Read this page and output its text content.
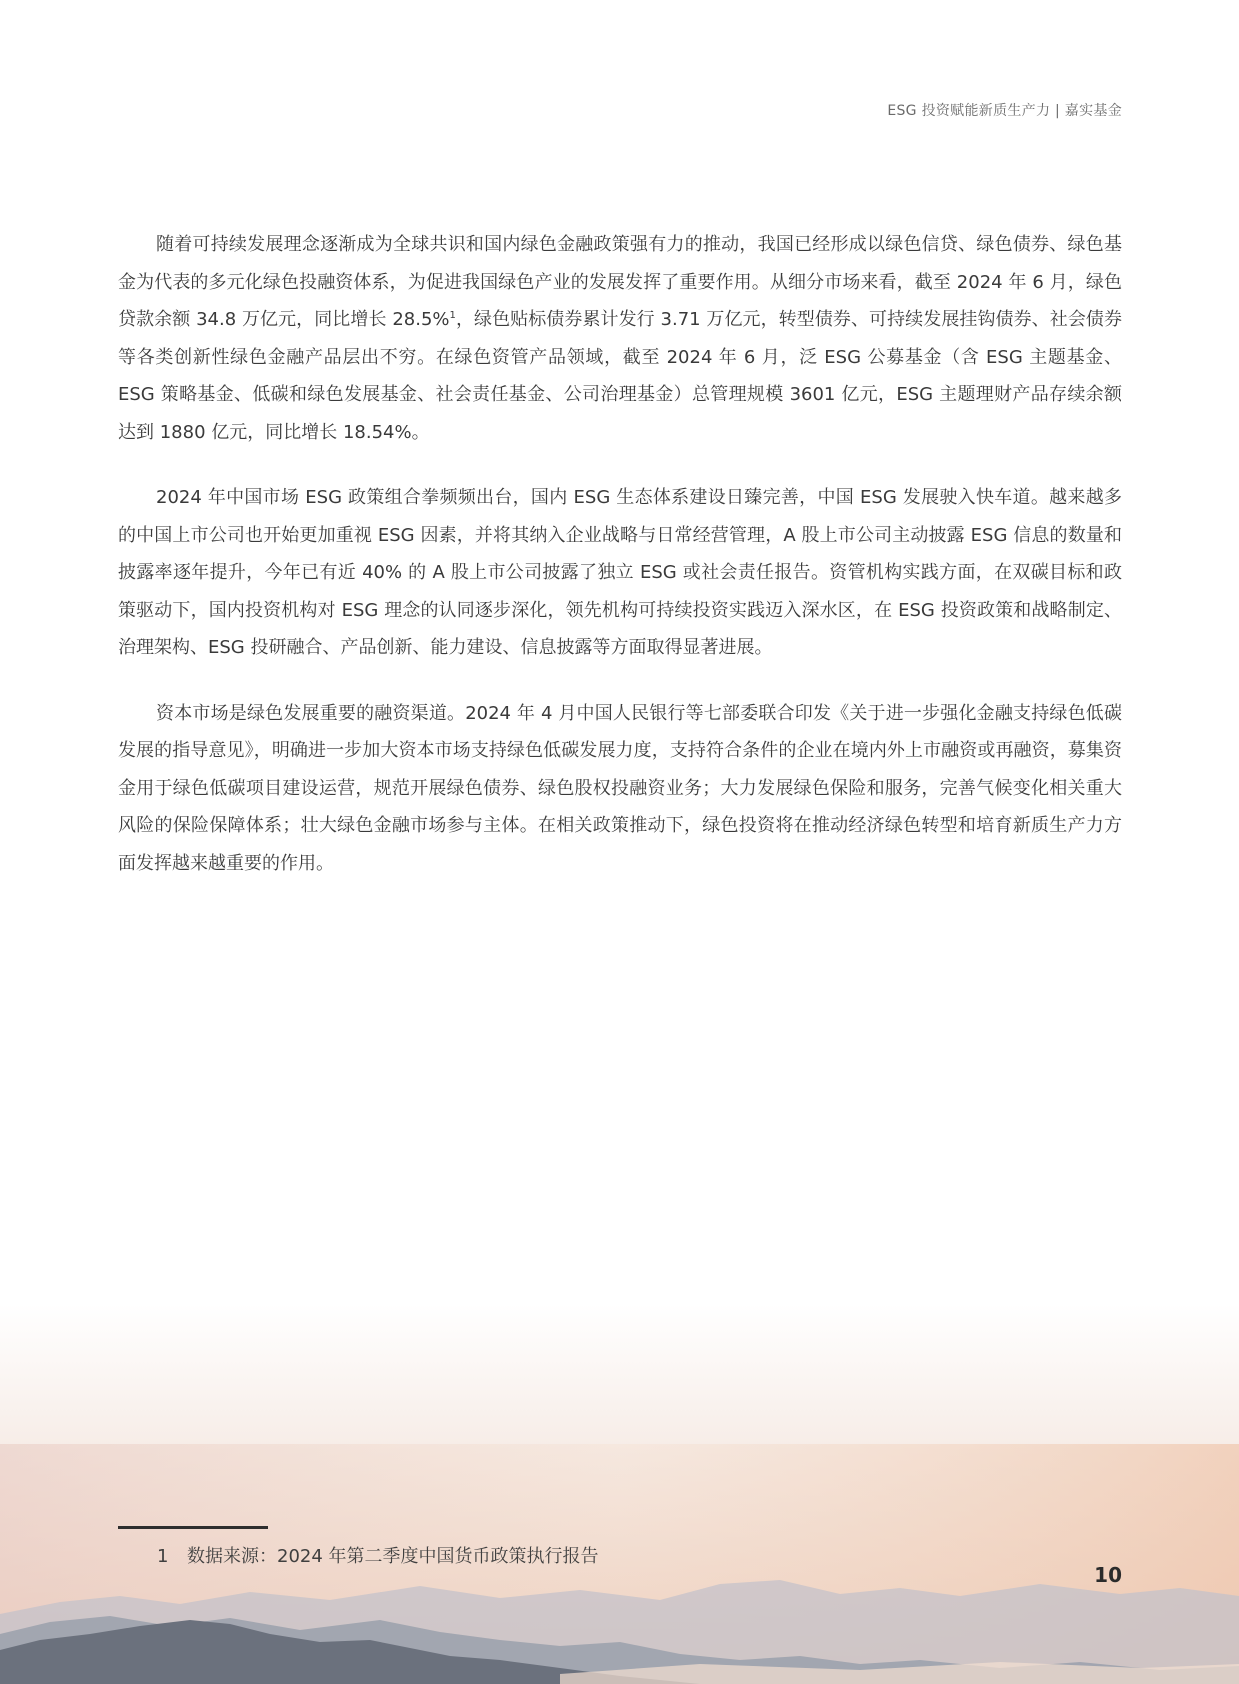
ESG 投资赋能新质生产力 | 嘉实基金

随着可持续发展理念逐渐成为全球共识和国内绿色金融政策强有力的推动，我国已经形成以绿色信贷、绿色债券、绿色基金为代表的多元化绿色投融资体系，为促进我国绿色产业的发展发挥了重要作用。从细分市场来看，截至 2024 年 6 月，绿色贷款余额 34.8 万亿元，同比增长 28.5%$^1$，绿色贴标债券累计发行 3.71 万亿元，转型债券、可持续发展挂钩债券、社会债券等各类创新性绿色金融产品层出不穷。在绿色资管产品领域，截至 2024 年 6 月，泛 ESG 公募基金（含 ESG 主题基金、ESG 策略基金、低碳和绿色发展基金、社会责任基金、公司治理基金）总管理规模 3601 亿元，ESG 主题理财产品存续余额达到 1880 亿元，同比增长 18.54%。

2024 年中国市场 ESG 政策组合拳频频出台，国内 ESG 生态体系建设日臻完善，中国 ESG 发展驶入快车道。越来越多的中国上市公司也开始更加重视 ESG 因素，并将其纳入企业战略与日常经营管理，A 股上市公司主动披露 ESG 信息的数量和披露率逐年提升，今年已有近 40% 的 A 股上市公司披露了独立 ESG 或社会责任报告。资管机构实践方面，在双碳目标和政策驱动下，国内投资机构对 ESG 理念的认同逐步深化，领先机构可持续投资实践迈入深水区，在 ESG 投资政策和战略制定、治理架构、ESG 投研融合、产品创新、能力建设、信息披露等方面取得显著进展。

资本市场是绿色发展重要的融资渠道。2024 年 4 月中国人民银行等七部委联合印发《关于进一步强化金融支持绿色低碳发展的指导意见》，明确进一步加大资本市场支持绿色低碳发展力度，支持符合条件的企业在境内外上市融资或再融资，募集资金用于绿色低碳项目建设运营，规范开展绿色债券、绿色股权投融资业务；大力发展绿色保险和服务，完善气候变化相关重大风险的保险保障体系；壮大绿色金融市场参与主体。在相关政策推动下，绿色投资将在推动经济绿色转型和培育新质生产力方面发挥越来越重要的作用。

1 数据来源：2024 年第二季度中国货币政策执行报告
10
